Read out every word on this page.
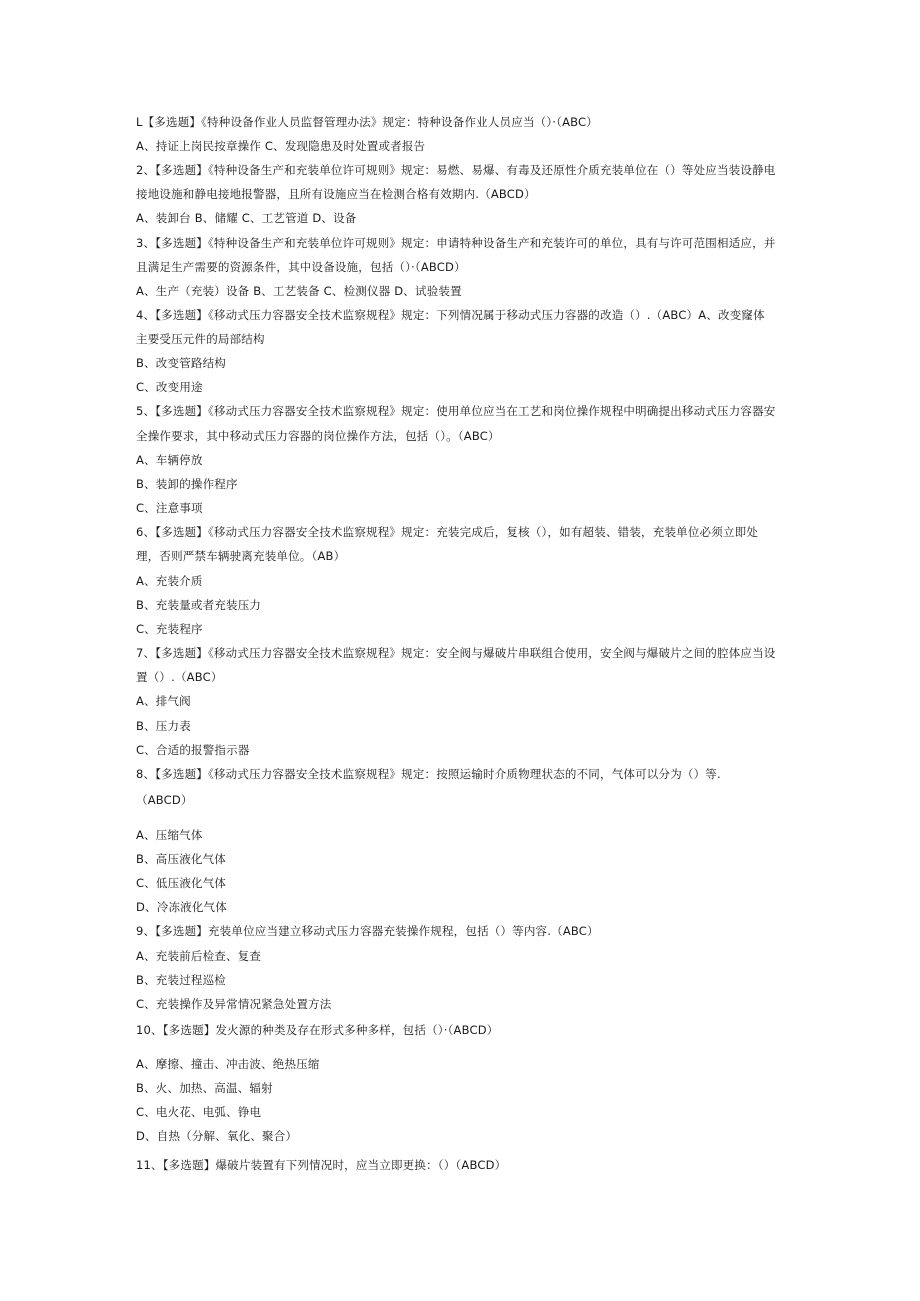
L【多选题】《特种设备作业人员监督管理办法》规定：特种设备作业人员应当（）·（ABC）
A、持证上岗民按章操作 C、发现隐患及时处置或者报告
2、【多选题】《特种设备生产和充装单位许可规则》规定：易燃、易爆、有毒及还原性介质充装单位在（）等处应当装设静电
接地设施和静电接地报警器，且所有设施应当在检测合格有效期内.（ABCD）
A、装卸台 B、储耀 C、工艺管道 D、设备
3、【多选题】《特种设备生产和充装单位许可规则》规定：申请特种设备生产和充装许可的单位，具有与许可范围相适应，并
且满足生产需要的资源条件，其中设备设施，包括（）·（ABCD）
A、生产（充装）设备 B、工艺装备 C、检测仪器 D、试验装置
4、【多选题】《移动式压力容器安全技术监察规程》规定：下列情况属于移动式压力容器的改造（）.（ABC）A、改变窿体
主要受压元件的局部结构
B、改变管路结构
C、改变用途
5、【多选题】《移动式压力容器安全技术监察规程》规定：使用单位应当在工艺和岗位操作规程中明确提出移动式压力容器安
全操作要求，其中移动式压力容器的岗位操作方法，包括（）。（ABC）
A、车辆停放
B、装卸的操作程序
C、注意事项
6、【多选题】《移动式压力容器安全技术监察规程》规定：充装完成后，复核（），如有超装、错装，充装单位必须立即处
理，否则严禁车辆驶离充装单位。（AB）
A、充装介质
B、充装量或者充装压力
C、充装程序
7、【多选题】《移动式压力容器安全技术监察规程》规定：安全阀与爆破片串联组合使用，安全阀与爆破片之间的腔体应当设
置（）.（ABC）
A、排气阀
B、压力表
C、合适的报警指示器
8、【多选题】《移动式压力容器安全技术监察规程》规定：按照运输时介质物理状态的不同，气体可以分为（）等.
（ABCD）
A、压缩气体
B、高压液化气体
C、低压液化气体
D、冷冻液化气体
9、【多选题】充装单位应当建立移动式压力容器充装操作规程，包括（）等内容.（ABC）
A、充装前后检查、复查
B、充装过程巡检
C、充装操作及异常情况紧急处置方法
10、【多选题】发火源的种类及存在形式多种多样，包括（）·（ABCD）
A、摩擦、撞击、冲击波、绝热压缩
B、火、加热、高温、辐射
C、电火花、电弧、铮电
D、自热（分解、氧化、聚合）
11、【多选题】爆破片装置有下列情况时，应当立即更换：（）（ABCD）
